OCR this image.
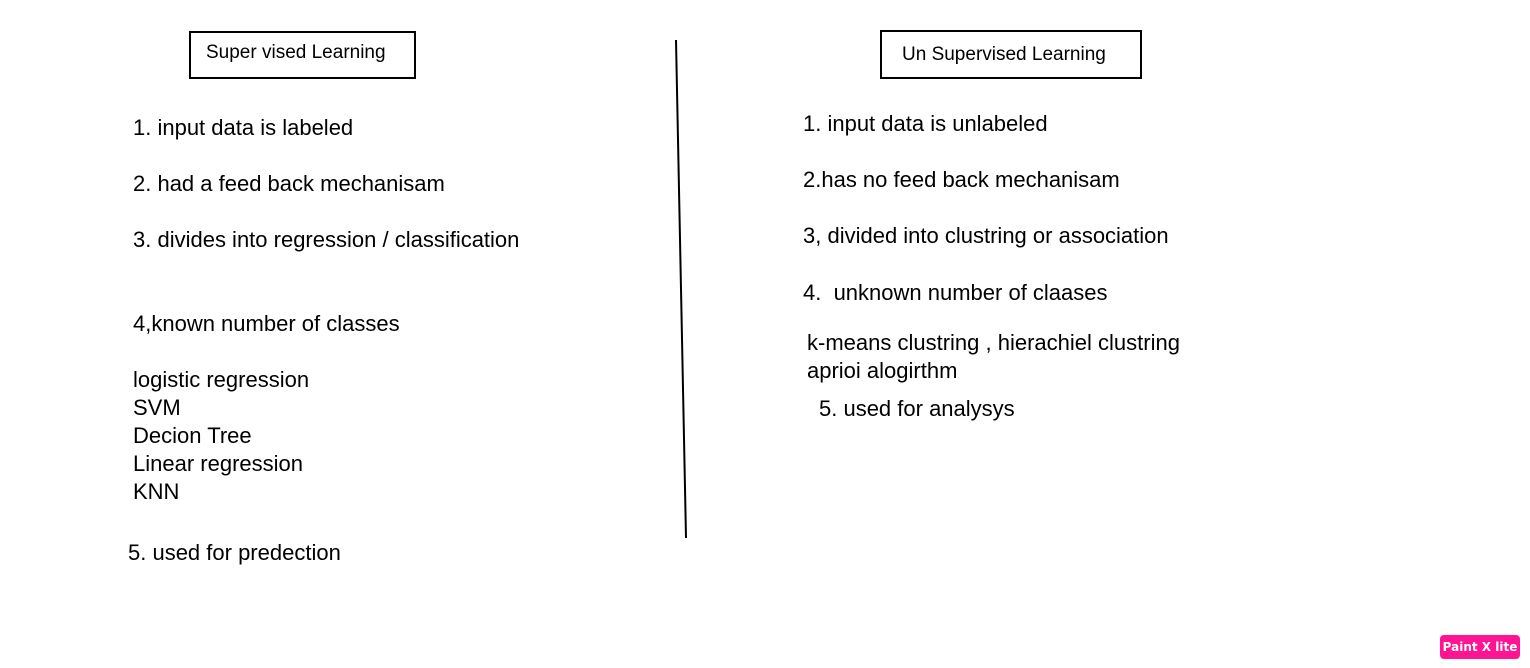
Super vised Learning
1. input data is labeled
2. had a feed back mechanisam
3. divides into regression / classification
4,known number of classes
logistic regression
SVM
Decion Tree
Linear regression
KNN
5. used for predection
Un Supervised Learning
1. input data is unlabeled
2.has no feed back mechanisam
3, divided into clustring or association
4.  unknown number of claases
k-means clustring , hierachiel clustring
aprioi alogirthm
5. used for analysys
Paint X lite
